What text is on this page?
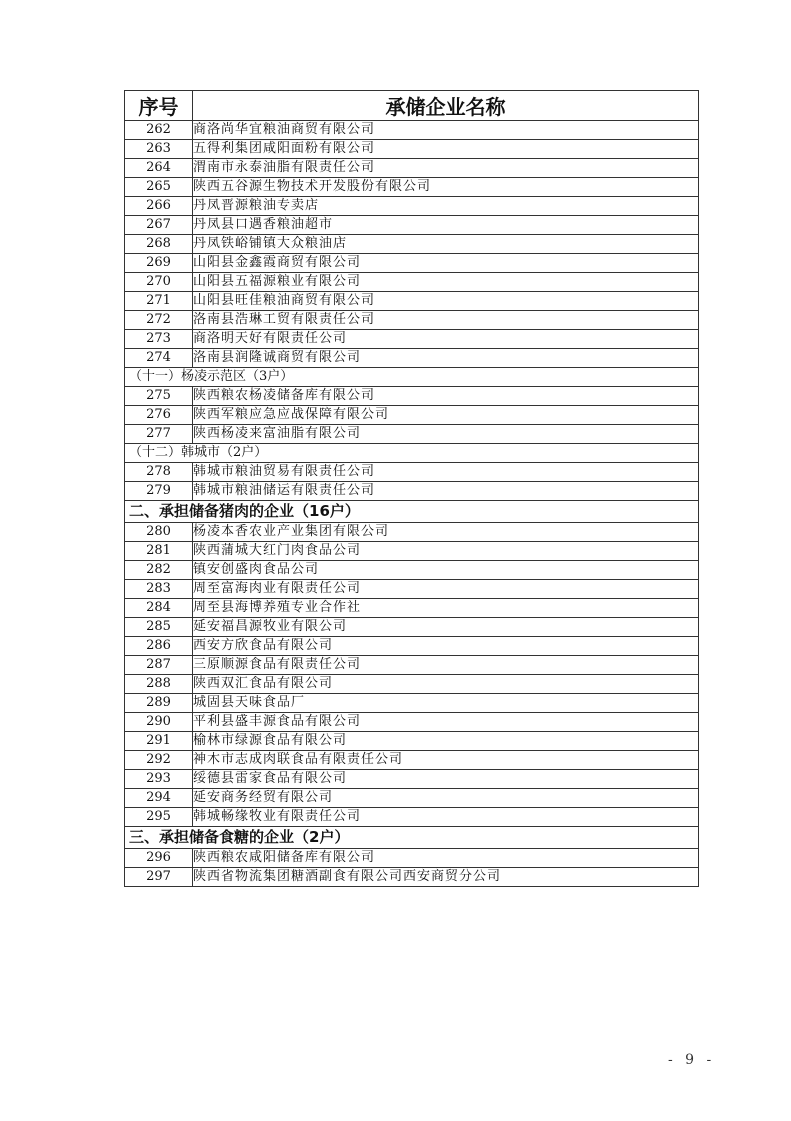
序号	承储企业名称
262	商洛尚华宜粮油商贸有限公司
263	五得利集团咸阳面粉有限公司
264	渭南市永泰油脂有限责任公司
265	陕西五谷源生物技术开发股份有限公司
266	丹凤晋源粮油专卖店
267	丹凤县口遇香粮油超市
268	丹凤铁峪铺镇大众粮油店
269	山阳县金鑫霞商贸有限公司
270	山阳县五福源粮业有限公司
271	山阳县旺佳粮油商贸有限公司
272	洛南县浩琳工贸有限责任公司
273	商洛明天好有限责任公司
274	洛南县润隆诚商贸有限公司
（十一）杨凌示范区（3户）	
275	陕西粮农杨凌储备库有限公司
276	陕西军粮应急应战保障有限公司
277	陕西杨凌来富油脂有限公司
（十二）韩城市（2户）	
278	韩城市粮油贸易有限责任公司
279	韩城市粮油储运有限责任公司
二、承担储备猪肉的企业（16户）	
280	杨凌本香农业产业集团有限公司
281	陕西蒲城大红门肉食品公司
282	镇安创盛肉食品公司
283	周至富海肉业有限责任公司
284	周至县海博养殖专业合作社
285	延安福昌源牧业有限公司
286	西安方欣食品有限公司
287	三原顺源食品有限责任公司
288	陕西双汇食品有限公司
289	城固县天味食品厂
290	平利县盛丰源食品有限公司
291	榆林市绿源食品有限公司
292	神木市志成肉联食品有限责任公司
293	绥德县雷家食品有限公司
294	延安商务经贸有限公司
295	韩城畅缘牧业有限责任公司
三、承担储备食糖的企业（2户）	
296	陕西粮农咸阳储备库有限公司
297	陕西省物流集团糖酒副食有限公司西安商贸分公司
- 9 -
